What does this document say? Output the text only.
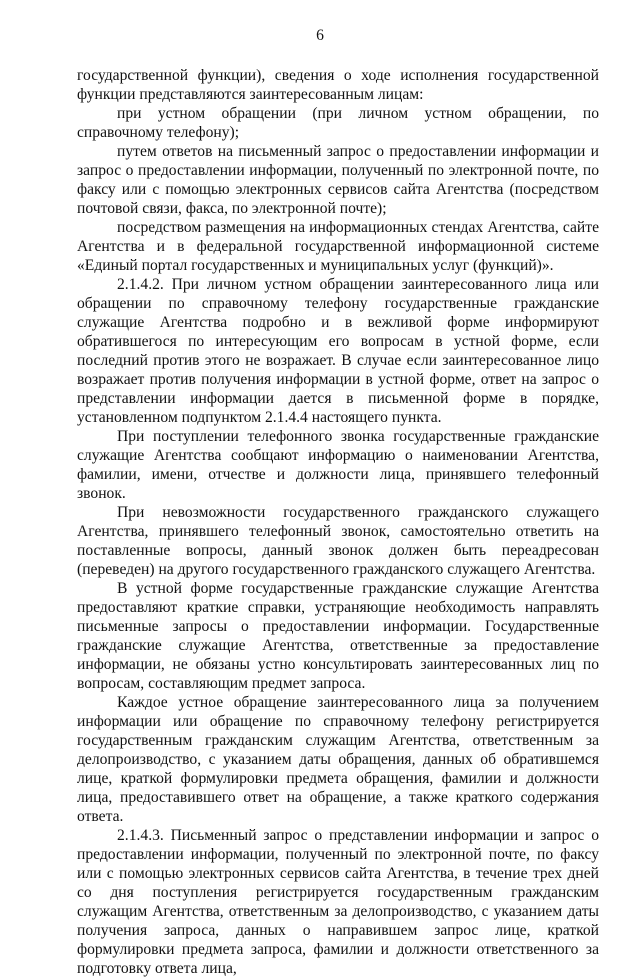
6

государственной функции), сведения о ходе исполнения государственной функции представляются заинтересованным лицам:

при устном обращении (при личном устном обращении, по справочному телефону);

путем ответов на письменный запрос о предоставлении информации и запрос о предоставлении информации, полученный по электронной почте, по факсу или с помощью электронных сервисов сайта Агентства (посредством почтовой связи, факса, по электронной почте);

посредством размещения на информационных стендах Агентства, сайте Агентства и в федеральной государственной информационной системе «Единый портал государственных и муниципальных услуг (функций)».

2.1.4.2. При личном устном обращении заинтересованного лица или обращении по справочному телефону государственные гражданские служащие Агентства подробно и в вежливой форме информируют обратившегося по интересующим его вопросам в устной форме, если последний против этого не возражает. В случае если заинтересованное лицо возражает против получения информации в устной форме, ответ на запрос о представлении информации дается в письменной форме в порядке, установленном подпунктом 2.1.4.4 настоящего пункта.

При поступлении телефонного звонка государственные гражданские служащие Агентства сообщают информацию о наименовании Агентства, фамилии, имени, отчестве и должности лица, принявшего телефонный звонок.

При невозможности государственного гражданского служащего Агентства, принявшего телефонный звонок, самостоятельно ответить на поставленные вопросы, данный звонок должен быть переадресован (переведен) на другого государственного гражданского служащего Агентства.

В устной форме государственные гражданские служащие Агентства предоставляют краткие справки, устраняющие необходимость направлять письменные запросы о предоставлении информации. Государственные гражданские служащие Агентства, ответственные за предоставление информации, не обязаны устно консультировать заинтересованных лиц по вопросам, составляющим предмет запроса.

Каждое устное обращение заинтересованного лица за получением информации или обращение по справочному телефону регистрируется государственным гражданским служащим Агентства, ответственным за делопроизводство, с указанием даты обращения, данных об обратившемся лице, краткой формулировки предмета обращения, фамилии и должности лица, предоставившего ответ на обращение, а также краткого содержания ответа.

2.1.4.3. Письменный запрос о представлении информации и запрос о предоставлении информации, полученный по электронной почте, по факсу или с помощью электронных сервисов сайта Агентства, в течение трех дней со дня поступления регистрируется государственным гражданским служащим Агентства, ответственным за делопроизводство, с указанием даты получения запроса, данных о направившем запрос лице, краткой формулировки предмета запроса, фамилии и должности ответственного за подготовку ответа лица,
